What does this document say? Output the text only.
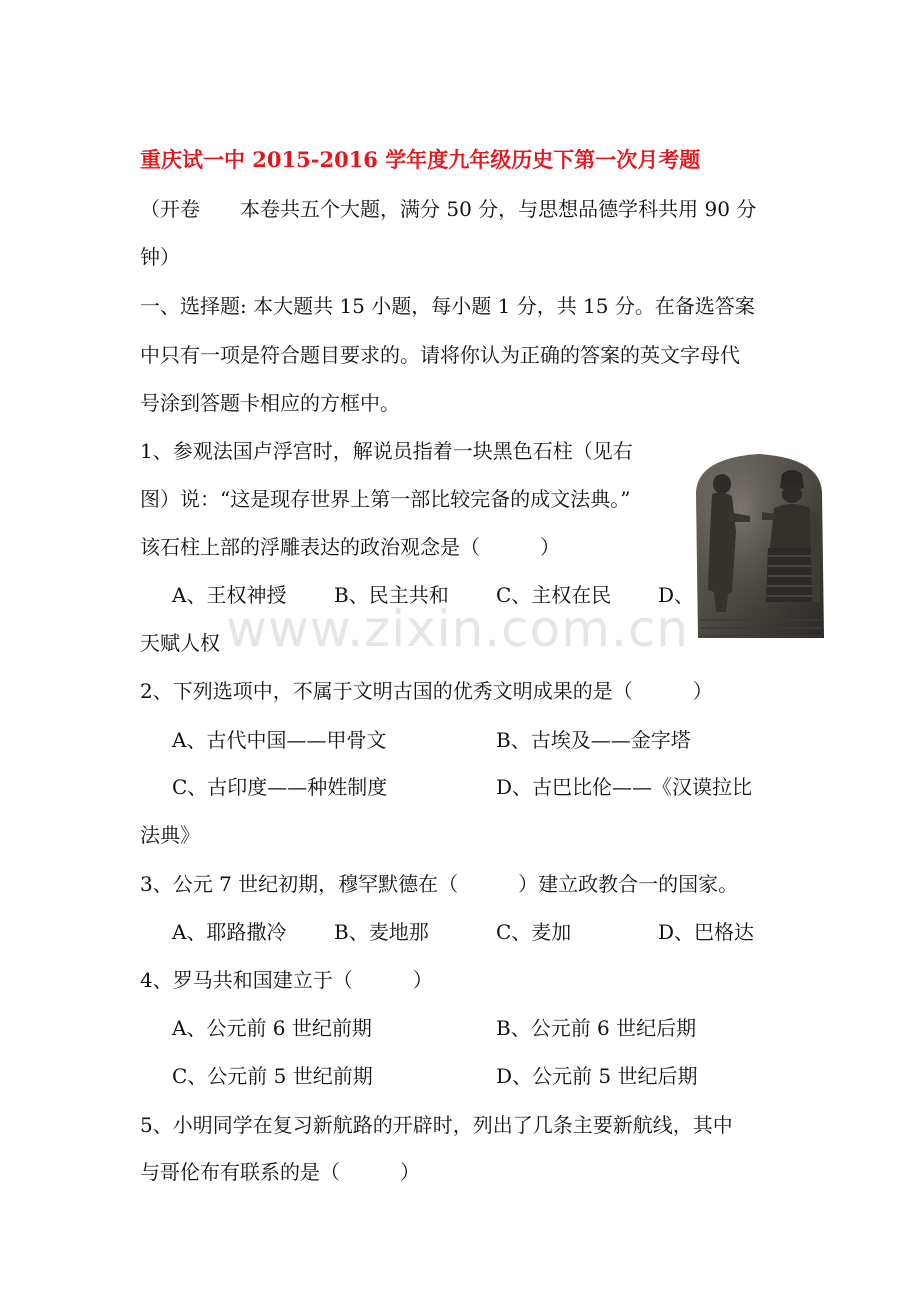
重庆试一中 2015-2016 学年度九年级历史下第一次月考题
（开卷　　本卷共五个大题，满分 50 分，与思想品德学科共用 90 分
钟）
一、选择题: 本大题共 15 小题，每小题 1 分，共 15 分。在备选答案
中只有一项是符合题目要求的。请将你认为正确的答案的英文字母代
号涂到答题卡相应的方框中。
1、参观法国卢浮宫时，解说员指着一块黑色石柱（见右
图）说：“这是现存世界上第一部比较完备的成文法典。”
该石柱上部的浮雕表达的政治观念是（　　　）
A、王权神授 B、民主共和 C、主权在民 D、
天赋人权
2、下列选项中，不属于文明古国的优秀文明成果的是（　　　）
A、古代中国——甲骨文	B、古埃及——金字塔
C、古印度——种姓制度	D、古巴比伦——《汉谟拉比
法典》
3、公元 7 世纪初期，穆罕默德在（　　　）建立政教合一的国家。
A、耶路撒冷 B、麦地那	C、麦加	D、巴格达
4、罗马共和国建立于（　　　）
A、公元前 6 世纪前期	B、公元前 6 世纪后期
C、公元前 5 世纪前期	D、公元前 5 世纪后期
5、小明同学在复习新航路的开辟时，列出了几条主要新航线，其中
与哥伦布有联系的是（　　　）
www.zixin.com.cn
